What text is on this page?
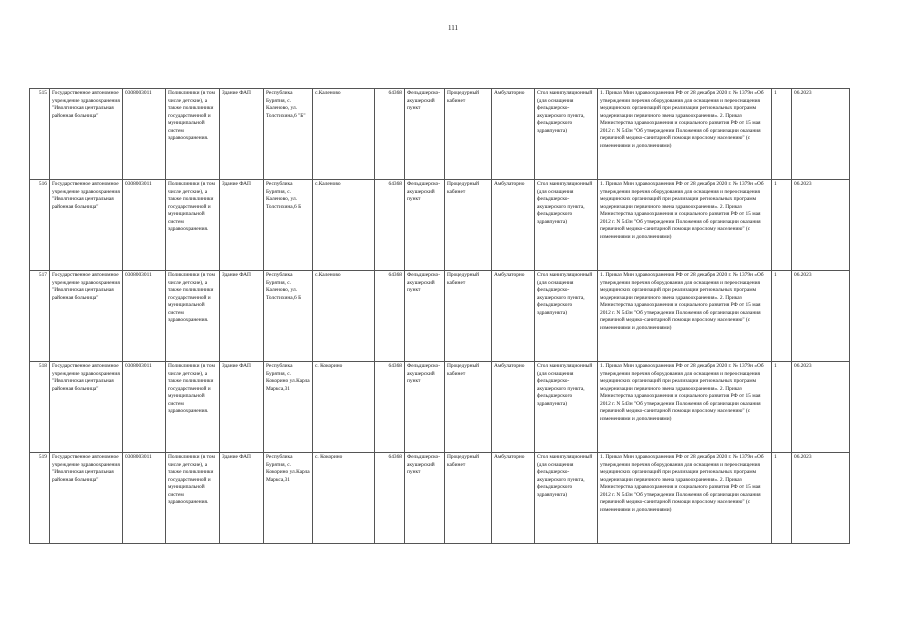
111
515	Государственное автономное учреждение здравоохранения "Иволгинская центральная районная больница"	0308003011	Поликлиники (в том числе детские), а также поликлиники государственной и муниципальной систем здравоохранения.	Здание ФАП	Республика Бурятия, с. Каленово, ул. Толстихина,6 "Б"	с.Каленово	64368	Фельдшерско-акушерский пункт	Процедурный кабинет	Амбулаторно	Стол манипуляционный (для оснащения фельдшерско-акушерского пункта, фельдшерского здравпункта)	1. Приказ Мин здравоохранения РФ от 28 декабря 2020 г. № 1379н «Об утверждении перечня оборудования для оснащения и переоснащения медицинских организаций при реализации региональных программ модернизации первичного звена здравоохранения». 2. Приказ Министерства здравоохранения и социального развития РФ от 15 мая 2012 г. N 543н "Об утверждении Положения об организации оказания первичной медико-санитарной помощи взрослому населению" (с изменениями и дополнениями)	1	06.2023
516	Государственное автономное учреждение здравоохранения "Иволгинская центральная районная больница"	0308003011	Поликлиники (в том числе детские), а также поликлиники государственной и муниципальной систем здравоохранения.	Здание ФАП	Республика Бурятия, с. Каленово, ул. Толстихина,6 Б	с.Каленово	64368	Фельдшерско-акушерский пункт	Процедурный кабинет	Амбулаторно	Стол манипуляционный (для оснащения фельдшерско-акушерского пункта, фельдшерского здравпункта)	1. Приказ Мин здравоохранения РФ от 28 декабря 2020 г. № 1379н «Об утверждении перечня оборудования для оснащения и переоснащения медицинских организаций при реализации региональных программ модернизации первичного звена здравоохранения». 2. Приказ Министерства здравоохранения и социального развития РФ от 15 мая 2012 г. N 543н "Об утверждении Положения об организации оказания первичной медико-санитарной помощи взрослому населению" (с изменениями и дополнениями)	1	06.2023
517	Государственное автономное учреждение здравоохранения "Иволгинская центральная районная больница"	0308003011	Поликлиники (в том числе детские), а также поликлиники государственной и муниципальной систем здравоохранения.	Здание ФАП	Республика Бурятия, с. Каленово, ул. Толстихина,6 Б	с.Каленово	64368	Фельдшерско-акушерский пункт	Процедурный кабинет	Амбулаторно	Стол манипуляционный (для оснащения фельдшерско-акушерского пункта, фельдшерского здравпункта)	1. Приказ Мин здравоохранения РФ от 28 декабря 2020 г. № 1379н «Об утверждении перечня оборудования для оснащения и переоснащения медицинских организаций при реализации региональных программ модернизации первичного звена здравоохранения». 2. Приказ Министерства здравоохранения и социального развития РФ от 15 мая 2012 г. N 543н "Об утверждении Положения об организации оказания первичной медико-санитарной помощи взрослому населению" (с изменениями и дополнениями)	1	06.2023
518	Государственное автономное учреждение здравоохранения "Иволгинская центральная районная больница"	0308003011	Поликлиники (в том числе детские), а также поликлиники государственной и муниципальной систем здравоохранения.	Здание ФАП	Республика Бурятия, с. Кокорино ул.Карла Маркса,31	с. Кокорино	64368	Фельдшерско-акушерский пункт	Процедурный кабинет	Амбулаторно	Стол манипуляционный (для оснащения фельдшерско-акушерского пункта, фельдшерского здравпункта)	1. Приказ Мин здравоохранения РФ от 28 декабря 2020 г. № 1379н «Об утверждении перечня оборудования для оснащения и переоснащения медицинских организаций при реализации региональных программ модернизации первичного звена здравоохранения». 2. Приказ Министерства здравоохранения и социального развития РФ от 15 мая 2012 г. N 543н "Об утверждении Положения об организации оказания первичной медико-санитарной помощи взрослому населению" (с изменениями и дополнениями)	1	06.2023
519	Государственное автономное учреждение здравоохранения "Иволгинская центральная районная больница"	0308003011	Поликлиники (в том числе детские), а также поликлиники государственной и муниципальной систем здравоохранения.	Здание ФАП	Республика Бурятия, с. Кокорино ул.Карла Маркса,31	с. Кокорино	64368	Фельдшерско-акушерский пункт	Процедурный кабинет	Амбулаторно	Стол манипуляционный (для оснащения фельдшерско-акушерского пункта, фельдшерского здравпункта)	1. Приказ Мин здравоохранения РФ от 28 декабря 2020 г. № 1379н «Об утверждении перечня оборудования для оснащения и переоснащения медицинских организаций при реализации региональных программ модернизации первичного звена здравоохранения». 2. Приказ Министерства здравоохранения и социального развития РФ от 15 мая 2012 г. N 543н "Об утверждении Положения об организации оказания первичной медико-санитарной помощи взрослому населению" (с изменениями и дополнениями)	1	06.2023
